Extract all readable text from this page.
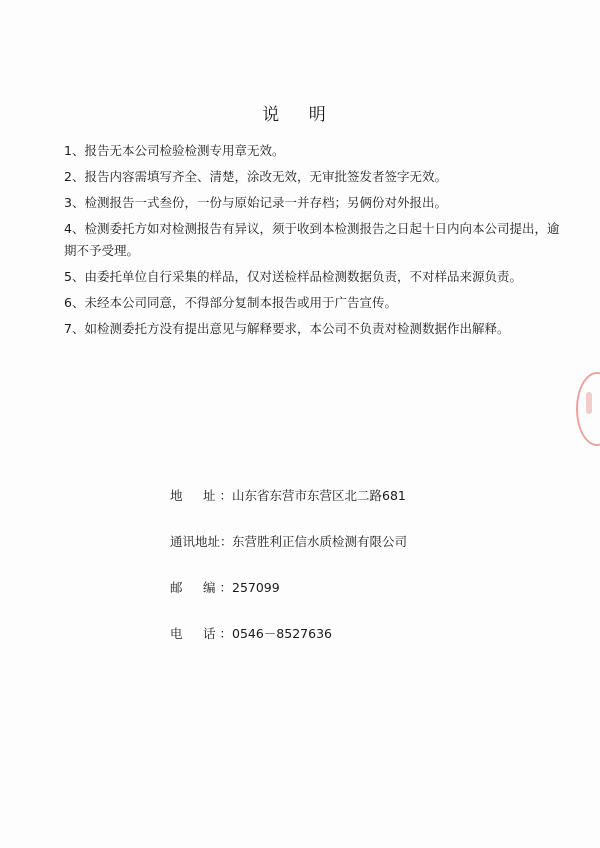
说 明
1、报告无本公司检验检测专用章无效。
2、报告内容需填写齐全、清楚，涂改无效，无审批签发者签字无效。
3、检测报告一式叁份，一份与原始记录一并存档；另俩份对外报出。
4、检测委托方如对检测报告有异议，须于收到本检测报告之日起十日内向本公司提出，逾期不予受理。
5、由委托单位自行采集的样品，仅对送检样品检测数据负责，不对样品来源负责。
6、未经本公司同意，不得部分复制本报告或用于广告宣传。
7、如检测委托方没有提出意见与解释要求，本公司不负责对检测数据作出解释。
地　址：山东省东营市东营区北二路681
通讯地址：东营胜利正信水质检测有限公司
邮　编：257099
电　话：0546－8527636
